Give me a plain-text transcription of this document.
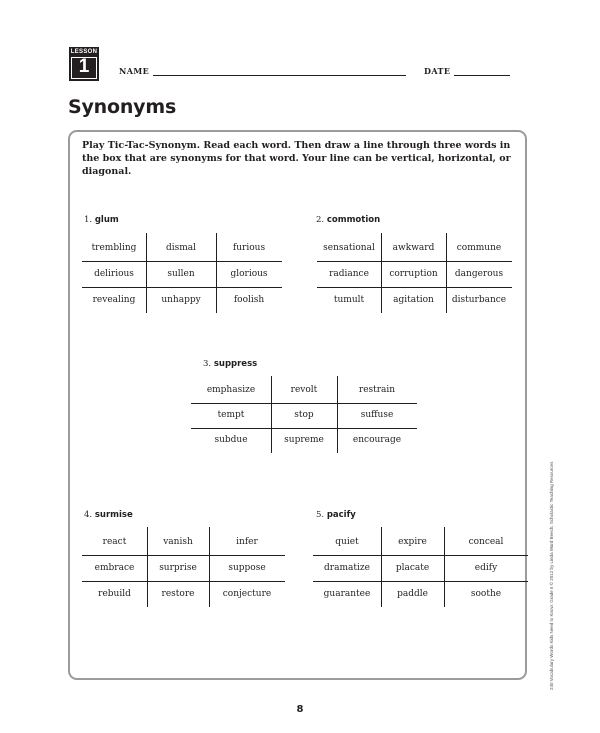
LESSON
1	NAME	DATE
Synonyms

Play Tic-Tac-Synonym. Read each word. Then draw a line through three words in the box that are synonyms for that word. Your line can be vertical, horizontal, or diagonal.

1. glum
trembling	dismal	furious
delirious	sullen	glorious
revealing	unhappy	foolish
2. commotion
sensational	awkward	commune
radiance	corruption	dangerous
tumult	agitation	disturbance
3. suppress
emphasize	revolt	restrain
tempt	stop	suffuse
subdue	supreme	encourage
4. surmise
react	vanish	infer
embrace	surprise	suppose
rebuild	restore	conjecture
5. pacify
quiet	expire	conceal
dramatize	placate	edify
guarantee	paddle	soothe	240 Vocabulary Words Kids Need to Know: Grade 6 © 2012 by Linda Ward Beech, Scholastic Teaching Resources
8
